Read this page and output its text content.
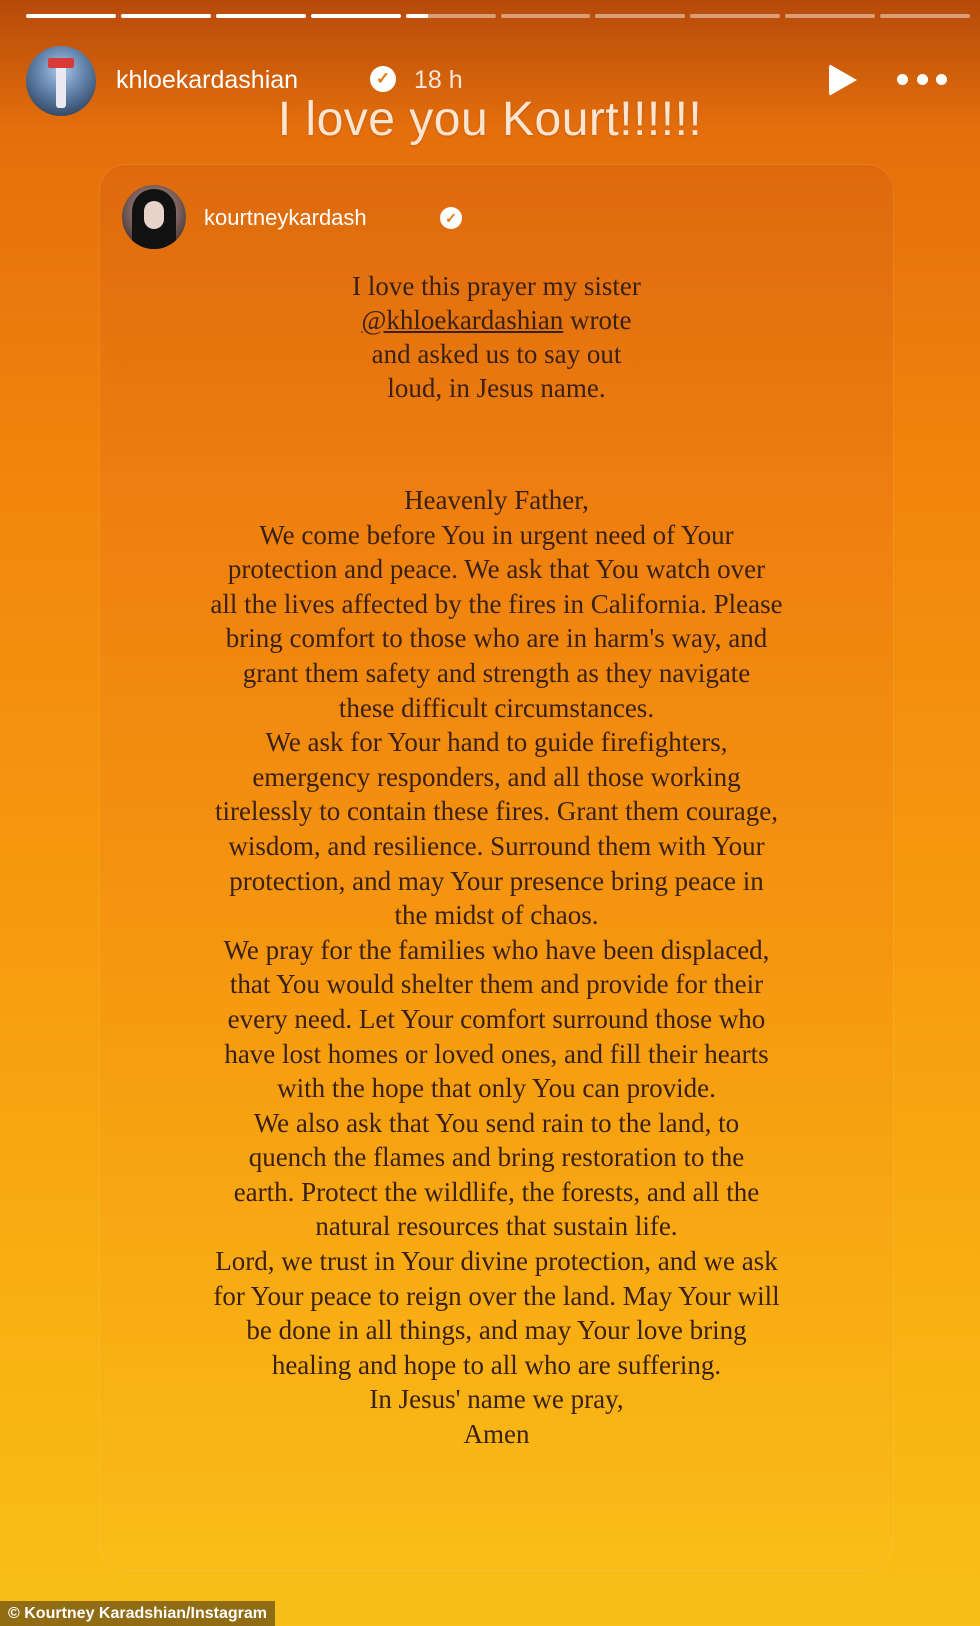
khloekardashian	✓ 18 h
I love you Kourt!!!!!!
kourtneykardash	✓
I love this prayer my sister
@khloekardashian wrote
and asked us to say out
loud, in Jesus name.
Heavenly Father,
We come before You in urgent need of Your
protection and peace. We ask that You watch over
all the lives affected by the fires in California. Please
bring comfort to those who are in harm's way, and
grant them safety and strength as they navigate
these difficult circumstances.
We ask for Your hand to guide firefighters,
emergency responders, and all those working
tirelessly to contain these fires. Grant them courage,
wisdom, and resilience. Surround them with Your
protection, and may Your presence bring peace in
the midst of chaos.
We pray for the families who have been displaced,
that You would shelter them and provide for their
every need. Let Your comfort surround those who
have lost homes or loved ones, and fill their hearts
with the hope that only You can provide.
We also ask that You send rain to the land, to
quench the flames and bring restoration to the
earth. Protect the wildlife, the forests, and all the
natural resources that sustain life.
Lord, we trust in Your divine protection, and we ask
for Your peace to reign over the land. May Your will
be done in all things, and may Your love bring
healing and hope to all who are suffering.
In Jesus' name we pray,
Amen
© Kourtney Karadshian/Instagram
